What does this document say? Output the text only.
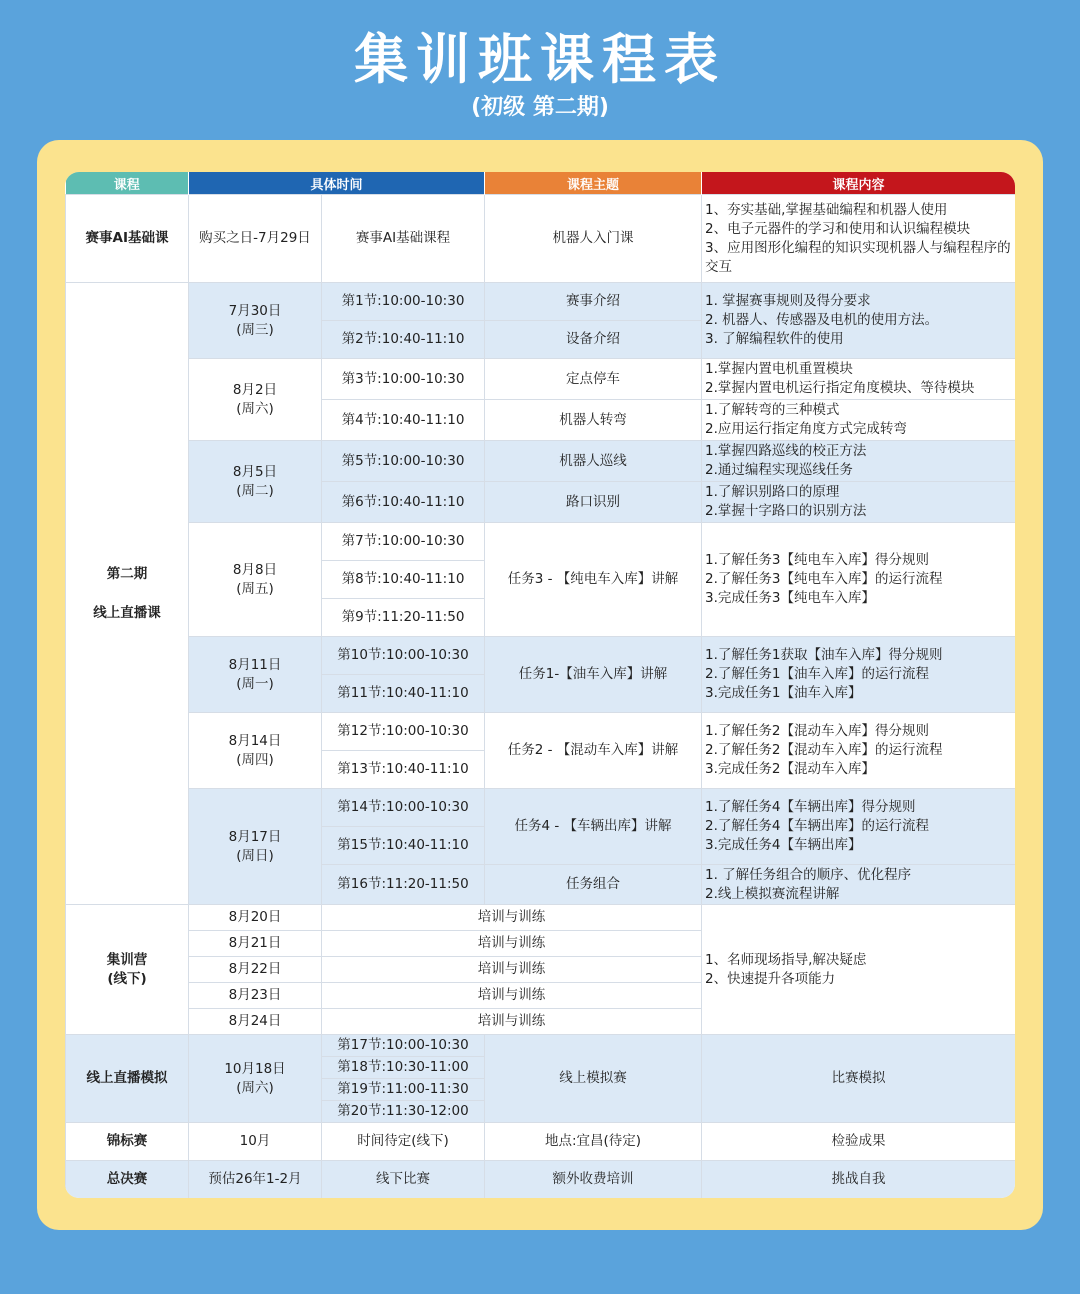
集训班课程表
(初级 第二期)
课程	具体时间		课程主题	课程内容
赛事AI基础课	购买之日-7月29日	赛事AI基础课程	机器人入门课	1、夯实基础,掌握基础编程和机器人使用
2、电子元器件的学习和使用和认识编程模块
3、应用图形化编程的知识实现机器人与编程程序的交互

第二期
线上直播课	7月30日
(周三)	第1节:10:00-10:30	赛事介绍	1. 掌握赛事规则及得分要求
2. 机器人、传感器及电机的使用方法。
3. 了解编程软件的使用

		第2节:10:40-11:10	设备介绍	

	8月2日
(周六)	第3节:10:00-10:30	定点停车	1.掌握内置电机重置模块
2.掌握内置电机运行指定角度模块、等待模块

		第4节:10:40-11:10	机器人转弯	1.了解转弯的三种模式
2.应用运行指定角度方式完成转弯

	8月5日
(周二)	第5节:10:00-10:30	机器人巡线	1.掌握四路巡线的校正方法
2.通过编程实现巡线任务

		第6节:10:40-11:10	路口识别	1.了解识别路口的原理
2.掌握十字路口的识别方法

	8月8日
(周五)	第7节:10:00-10:30	任务3 - 【纯电车入库】讲解	1.了解任务3【纯电车入库】得分规则
2.了解任务3【纯电车入库】的运行流程
3.完成任务3【纯电车入库】

		第8节:10:40-11:10		
		第9节:11:20-11:50		

	8月11日
(周一)	第10节:10:00-10:30	任务1-【油车入库】讲解	1.了解任务1获取【油车入库】得分规则
2.了解任务1【油车入库】的运行流程
3.完成任务1【油车入库】

		第11节:10:40-11:10		

	8月14日
(周四)	第12节:10:00-10:30	任务2 - 【混动车入库】讲解	1.了解任务2【混动车入库】得分规则
2.了解任务2【混动车入库】的运行流程
3.完成任务2【混动车入库】

		第13节:10:40-11:10		

	8月17日
(周日)	第14节:10:00-10:30	任务4 - 【车辆出库】讲解	1.了解任务4【车辆出库】得分规则
2.了解任务4【车辆出库】的运行流程
3.完成任务4【车辆出库】

		第15节:10:40-11:10		
		第16节:11:20-11:50	任务组合	1. 了解任务组合的顺序、优化程序
2.线上模拟赛流程讲解

集训营
(线下)	8月20日	培训与训练		1、名师现场指导,解决疑虑
2、快速提升各项能力

	8月21日	培训与训练		
	8月22日	培训与训练		
	8月23日	培训与训练		
	8月24日	培训与训练		
线上直播模拟	10月18日
(周六)	第17节:10:00-10:30	线上模拟赛	比赛模拟
		第18节:10:30-11:00		
		第19节:11:00-11:30		
		第20节:11:30-12:00		
锦标赛	10月	时间待定(线下)	地点:宜昌(待定)	检验成果
总决赛	预估26年1-2月	线下比赛	额外收费培训	挑战自我
